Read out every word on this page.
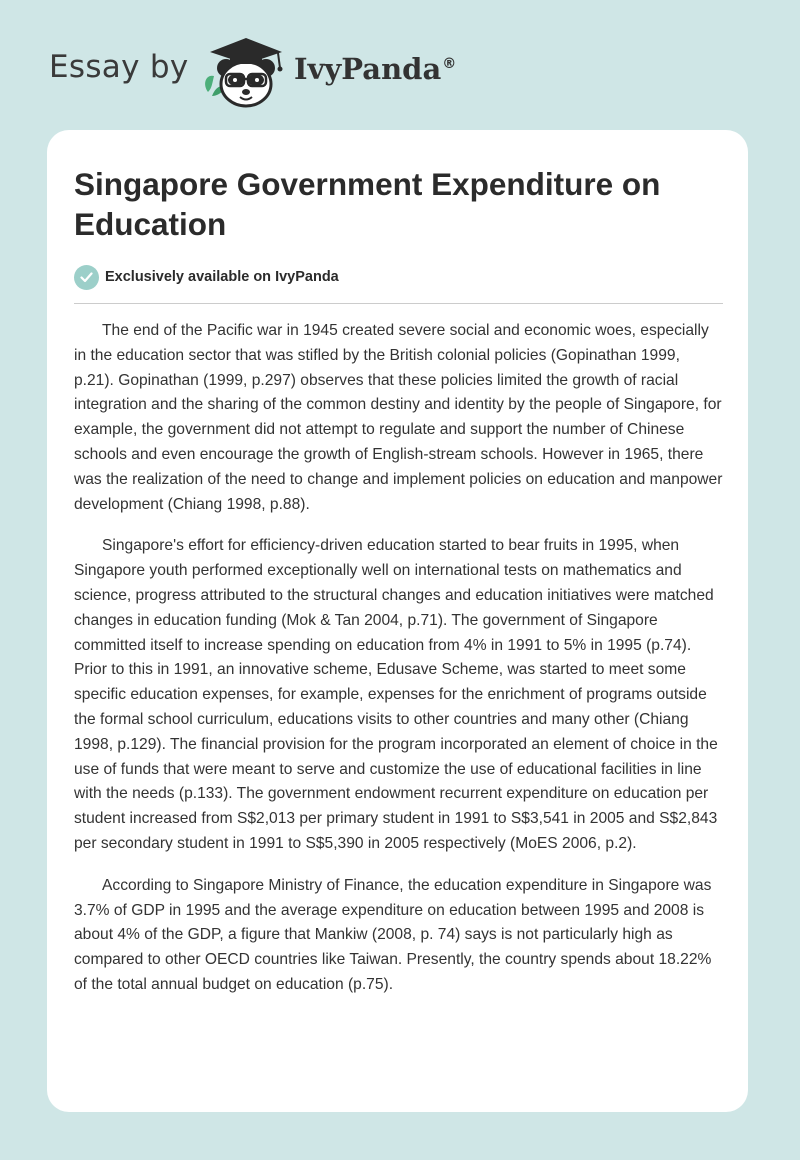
Essay by	IvyPanda®
Singapore Government Expenditure on Education
Exclusively available on IvyPanda

The end of the Pacific war in 1945 created severe social and economic woes, especially in the education sector that was stifled by the British colonial policies (Gopinathan 1999, p.21). Gopinathan (1999, p.297) observes that these policies limited the growth of racial integration and the sharing of the common destiny and identity by the people of Singapore, for example, the government did not attempt to regulate and support the number of Chinese schools and even encourage the growth of English-stream schools. However in 1965, there was the realization of the need to change and implement policies on education and manpower development (Chiang 1998, p.88).

Singapore's effort for efficiency-driven education started to bear fruits in 1995, when Singapore youth performed exceptionally well on international tests on mathematics and science, progress attributed to the structural changes and education initiatives were matched changes in education funding (Mok & Tan 2004, p.71). The government of Singapore committed itself to increase spending on education from 4% in 1991 to 5% in 1995 (p.74). Prior to this in 1991, an innovative scheme, Edusave Scheme, was started to meet some specific education expenses, for example, expenses for the enrichment of programs outside the formal school curriculum, educations visits to other countries and many other (Chiang 1998, p.129). The financial provision for the program incorporated an element of choice in the use of funds that were meant to serve and customize the use of educational facilities in line with the needs (p.133). The government endowment recurrent expenditure on education per student increased from S$2,013 per primary student in 1991 to S$3,541 in 2005 and S$2,843 per secondary student in 1991 to S$5,390 in 2005 respectively (MoES 2006, p.2).

According to Singapore Ministry of Finance, the education expenditure in Singapore was 3.7% of GDP in 1995 and the average expenditure on education between 1995 and 2008 is about 4% of the GDP, a figure that Mankiw (2008, p. 74) says is not particularly high as compared to other OECD countries like Taiwan. Presently, the country spends about 18.22% of the total annual budget on education (p.75).
